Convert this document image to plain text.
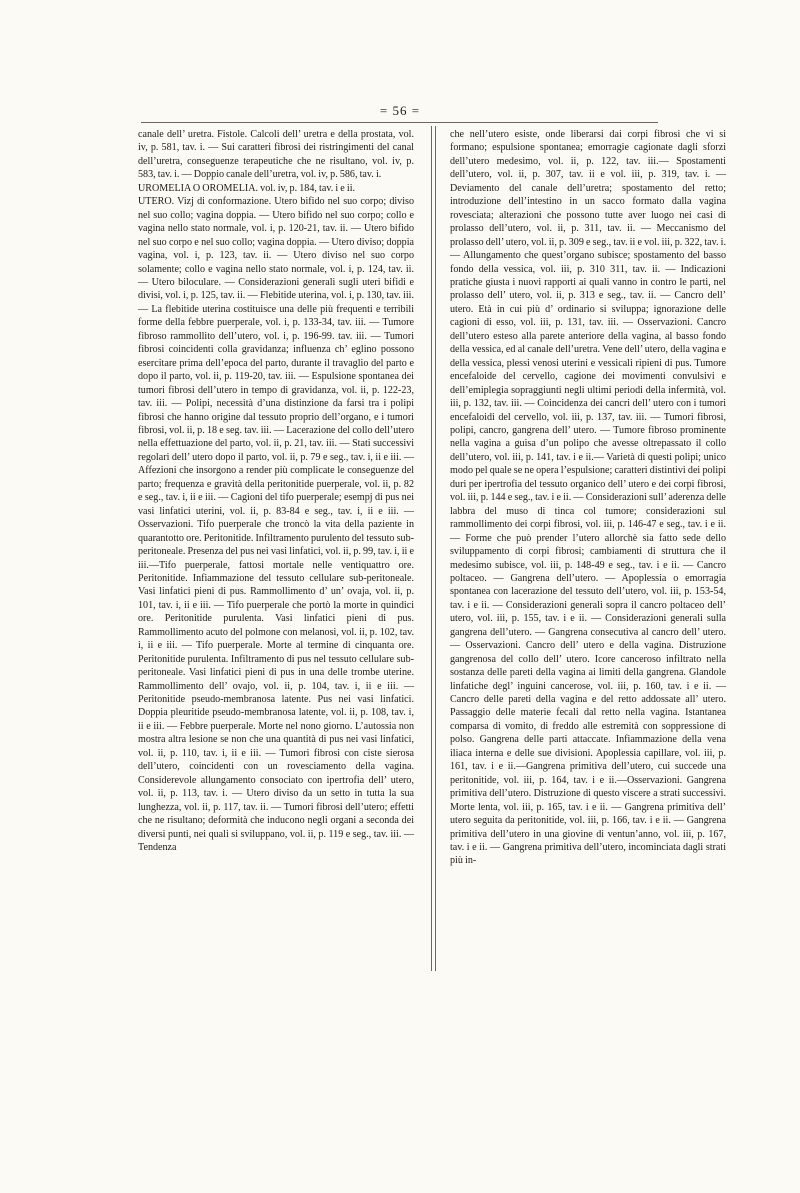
= 56 =

canale dell’ uretra. Fistole. Calcoli dell’ uretra e della prostata, vol. iv, p. 581, tav. i. — Sui caratteri fibrosi dei ristringimenti del canal dell’uretra, conseguenze terapeutiche che ne risultano, vol. iv, p. 583, tav. i. — Doppio canale dell’uretra, vol. iv, p. 586, tav. i.

UROMELIA O OROMELIA. vol. iv, p. 184, tav. i e ii.

UTERO. Vizj di conformazione. Utero bifido nel suo corpo; diviso nel suo collo; vagina doppia. — Utero bifido nel suo corpo; collo e vagina nello stato normale, vol. i, p. 120-21, tav. ii. — Utero bifido nel suo corpo e nel suo collo; vagina doppia. — Utero diviso; doppia vagina, vol. i, p. 123, tav. ii. — Utero diviso nel suo corpo solamente; collo e vagina nello stato normale, vol. i, p. 124, tav. ii. — Utero biloculare. — Considerazioni generali sugli uteri bifidi e divisi, vol. i, p. 125, tav. ii. — Flebitide uterina, vol. i, p. 130, tav. iii. — La flebitide uterina costituisce una delle più frequenti e terribili forme della febbre puerperale, vol. i, p. 133-34, tav. iii. — Tumore fibroso rammollito dell’utero, vol. i, p. 196-99. tav. iii. — Tumori fibrosi coincidenti colla gravidanza; influenza ch’ eglino possono esercitare prima dell’epoca del parto, durante il travaglio del parto e dopo il parto, vol. ii, p. 119-20, tav. iii. — Espulsione spontanea dei tumori fibrosi dell’utero in tempo di gravidanza, vol. ii, p. 122-23, tav. iii. — Polipi, necessità d’una distinzione da farsi tra i polipi fibrosi che hanno origine dal tessuto proprio dell’organo, e i tumori fibrosi, vol. ii, p. 18 e seg. tav. iii. — Lacerazione del collo dell’utero nella effettuazione del parto, vol. ii, p. 21, tav. iii. — Stati successivi regolari dell’ utero dopo il parto, vol. ii, p. 79 e seg., tav. i, ii e iii. — Affezioni che insorgono a render più complicate le conseguenze del parto; frequenza e gravità della peritonitide puerperale, vol. ii, p. 82 e seg., tav. i, ii e iii. — Cagioni del tifo puerperale; esempj di pus nei vasi linfatici uterini, vol. ii, p. 83-84 e seg., tav. i, ii e iii. — Osservazioni. Tifo puerperale che troncò la vita della paziente in quarantotto ore. Peritonitide. Infiltramento purulento del tessuto sub-peritoneale. Presenza del pus nei vasi linfatici, vol. ii, p. 99, tav. i, ii e iii.—Tifo puerperale, fattosi mortale nelle ventiquattro ore. Peritonitide. Infiammazione del tessuto cellulare sub-peritoneale. Vasi linfatici pieni di pus. Rammollimento d’ un’ ovaja, vol. ii, p. 101, tav. i, ii e iii. — Tifo puerperale che portò la morte in quindici ore. Peritonitide purulenta. Vasi linfatici pieni di pus. Rammollimento acuto del polmone con melanosi, vol. ii, p. 102, tav. i, ii e iii. — Tifo puerperale. Morte al termine di cinquanta ore. Peritonitide purulenta. Infiltramento di pus nel tessuto cellulare sub-peritoneale. Vasi linfatici pieni di pus in una delle trombe uterine. Rammollimento dell’ ovajo, vol. ii, p. 104, tav. i, ii e iii. — Peritonitide pseudo-membranosa latente. Pus nei vasi linfatici. Doppia pleuritide pseudo-membranosa latente, vol. ii, p. 108, tav. i, ii e iii. — Febbre puerperale. Morte nel nono giorno. L’autossia non mostra altra lesione se non che una quantità di pus nei vasi linfatici, vol. ii, p. 110, tav. i, ii e iii. — Tumori fibrosi con ciste sierosa dell’utero, coincidenti con un rovesciamento della vagina. Considerevole allungamento consociato con ipertrofia dell’ utero, vol. ii, p. 113, tav. i. — Utero diviso da un setto in tutta la sua lunghezza, vol. ii, p. 117, tav. ii. — Tumori fibrosi dell’utero; effetti che ne risultano; deformità che inducono negli organi a seconda dei diversi punti, nei quali si sviluppano, vol. ii, p. 119 e seg., tav. iii. — Tendenza

che nell’utero esiste, onde liberarsi dai corpi fibrosi che vi si formano; espulsione spontanea; emorragie cagionate dagli sforzi dell’utero medesimo, vol. ii, p. 122, tav. iii.— Spostamenti dell’utero, vol. ii, p. 307, tav. ii e vol. iii, p. 319, tav. i. — Deviamento del canale dell’uretra; spostamento del retto; introduzione dell’intestino in un sacco formato dalla vagina rovesciata; alterazioni che possono tutte aver luogo nei casi di prolasso dell’utero, vol. ii, p. 311, tav. ii. — Meccanismo del prolasso dell’ utero, vol. ii, p. 309 e seg., tav. ii e vol. iii, p. 322, tav. i. — Allungamento che quest’organo subisce; spostamento del basso fondo della vessica, vol. iii, p. 310 311, tav. ii. — Indicazioni pratiche giusta i nuovi rapporti ai quali vanno in contro le parti, nel prolasso dell’ utero, vol. ii, p. 313 e seg., tav. ii. — Cancro dell’ utero. Età in cui più d’ ordinario si sviluppa; ignorazione delle cagioni di esso, vol. iii, p. 131, tav. iii. — Osservazioni. Cancro dell’utero esteso alla parete anteriore della vagina, al basso fondo della vessica, ed al canale dell’uretra. Vene dell’ utero, della vagina e della vessica, plessi venosi uterini e vessicali ripieni di pus. Tumore encefaloide del cervello, cagione dei movimenti convulsivi e dell’emiplegia sopraggiunti negli ultimi periodi della infermità, vol. iii, p. 132, tav. iii. — Coincidenza dei cancri dell’ utero con i tumori encefaloidi del cervello, vol. iii, p. 137, tav. iii. — Tumori fibrosi, polipi, cancro, gangrena dell’ utero. — Tumore fibroso prominente nella vagina a guisa d’un polipo che avesse oltrepassato il collo dell’utero, vol. iii, p. 141, tav. i e ii.— Varietà di questi polipi; unico modo pel quale se ne opera l’espulsione; caratteri distintivi dei polipi duri per ipertrofia del tessuto organico dell’ utero e dei corpi fibrosi, vol. iii, p. 144 e seg., tav. i e ii. — Considerazioni sull’ aderenza delle labbra del muso di tinca col tumore; considerazioni sul rammollimento dei corpi fibrosi, vol. iii, p. 146-47 e seg., tav. i e ii. — Forme che può prender l’utero allorchè sia fatto sede dello sviluppamento di corpi fibrosi; cambiamenti di struttura che il medesimo subisce, vol. iii, p. 148-49 e seg., tav. i e ii. — Cancro poltaceo. — Gangrena dell’utero. — Apoplessia o emorragia spontanea con lacerazione del tessuto dell’utero, vol. iii, p. 153-54, tav. i e ii. — Considerazioni generali sopra il cancro poltaceo dell’ utero, vol. iii, p. 155, tav. i e ii. — Considerazioni generali sulla gangrena dell’utero. — Gangrena consecutiva al cancro dell’ utero. — Osservazioni. Cancro dell’ utero e della vagina. Distruzione gangrenosa del collo dell’ utero. Icore canceroso infiltrato nella sostanza delle pareti della vagina ai limiti della gangrena. Glandole linfatiche degl’ inguini cancerose, vol. iii, p. 160, tav. i e ii. — Cancro delle pareti della vagina e del retto addossate all’ utero. Passaggio delle materie fecali dal retto nella vagina. Istantanea comparsa di vomito, di freddo alle estremità con soppressione di polso. Gangrena delle parti attaccate. Infiammazione della vena iliaca interna e delle sue divisioni. Apoplessia capillare, vol. iii, p. 161, tav. i e ii.—Gangrena primitiva dell’utero, cui succede una peritonitide, vol. iii, p. 164, tav. i e ii.—Osservazioni. Gangrena primitiva dell’utero. Distruzione di questo viscere a strati successivi. Morte lenta, vol. iii, p. 165, tav. i e ii. — Gangrena primitiva dell’ utero seguita da peritonitide, vol. iii, p. 166, tav. i e ii. — Gangrena primitiva dell’utero in una giovine di ventun’anno, vol. iii, p. 167, tav. i e ii. — Gangrena primitiva dell’utero, incominciata dagli strati più in-
